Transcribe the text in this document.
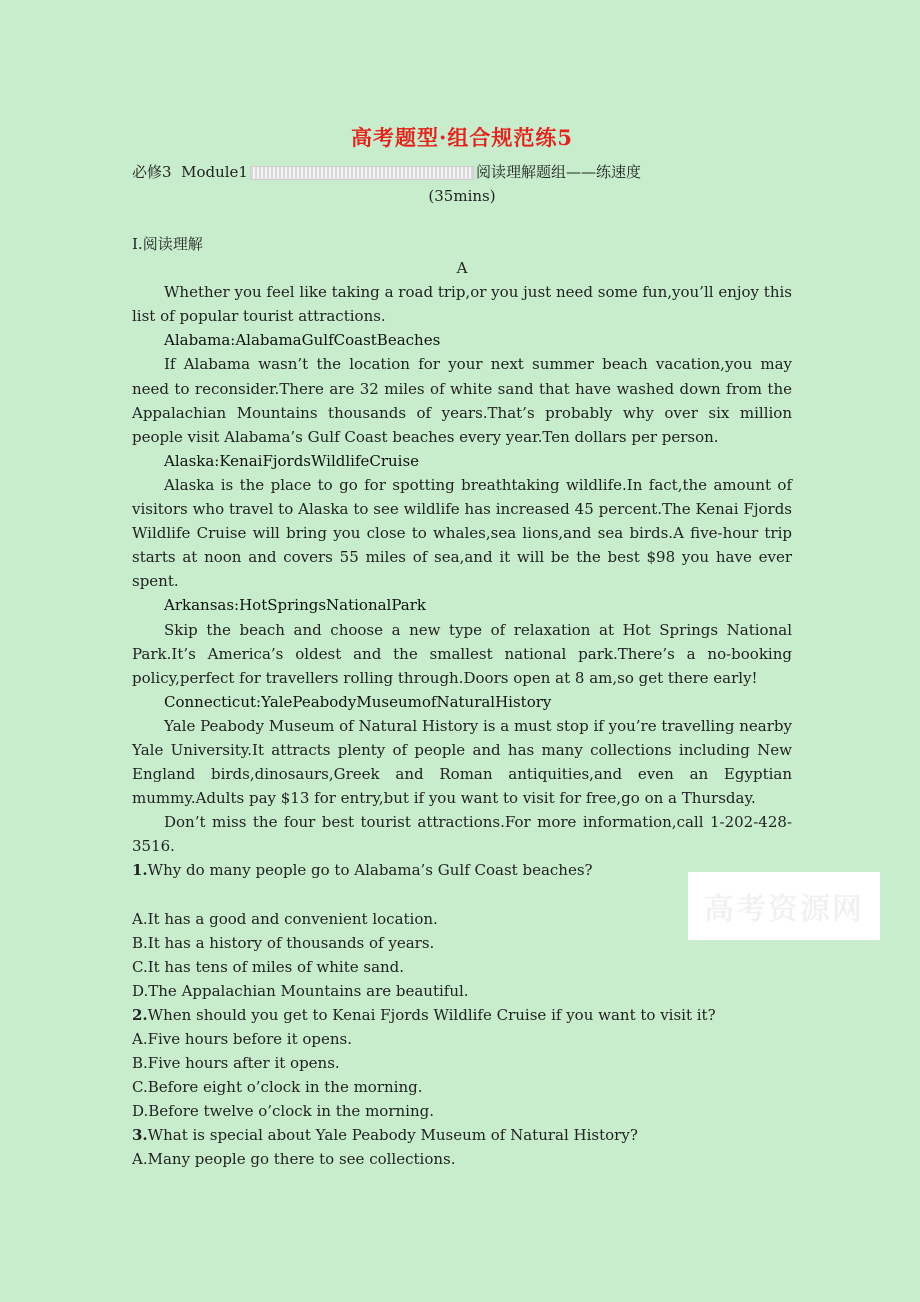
高考题型·组合规范练5
必修3 Module1	阅读理解题组——练速度
(35mins)

Ⅰ.阅读理解

A

Whether you feel like taking a road trip,or you just need some fun,you’ll enjoy this list of popular tourist attractions.

Alabama:AlabamaGulfCoastBeaches

If Alabama wasn’t the location for your next summer beach vacation,you may need to reconsider.There are 32 miles of white sand that have washed down from the Appalachian Mountains thousands of years.That’s probably why over six million people visit Alabama’s Gulf Coast beaches every year.Ten dollars per person.

Alaska:KenaiFjordsWildlifeCruise

Alaska is the place to go for spotting breathtaking wildlife.In fact,the amount of visitors who travel to Alaska to see wildlife has increased 45 percent.The Kenai Fjords Wildlife Cruise will bring you close to whales,sea lions,and sea birds.A five-hour trip starts at noon and covers 55 miles of sea,and it will be the best $98 you have ever spent.

Arkansas:HotSpringsNationalPark

Skip the beach and choose a new type of relaxation at Hot Springs National Park.It’s America’s oldest and the smallest national park.There’s a no-booking policy,perfect for travellers rolling through.Doors open at 8 am,so get there early!

Connecticut:YalePeabodyMuseumofNaturalHistory

Yale Peabody Museum of Natural History is a must stop if you’re travelling nearby Yale University.It attracts plenty of people and has many collections including New England birds,dinosaurs,Greek and Roman antiquities,and even an Egyptian mummy.Adults pay $13 for entry,but if you want to visit for free,go on a Thursday.

Don’t miss the four best tourist attractions.For more information,call 1-202-428-3516.

1.Why do many people go to Alabama’s Gulf Coast beaches?

A.It has a good and convenient location.

B.It has a history of thousands of years.

C.It has tens of miles of white sand.

D.The Appalachian Mountains are beautiful.

2.When should you get to Kenai Fjords Wildlife Cruise if you want to visit it?

A.Five hours before it opens.

B.Five hours after it opens.

C.Before eight o’clock in the morning.

D.Before twelve o’clock in the morning.

3.What is special about Yale Peabody Museum of Natural History?

A.Many people go there to see collections.

高考资源网
